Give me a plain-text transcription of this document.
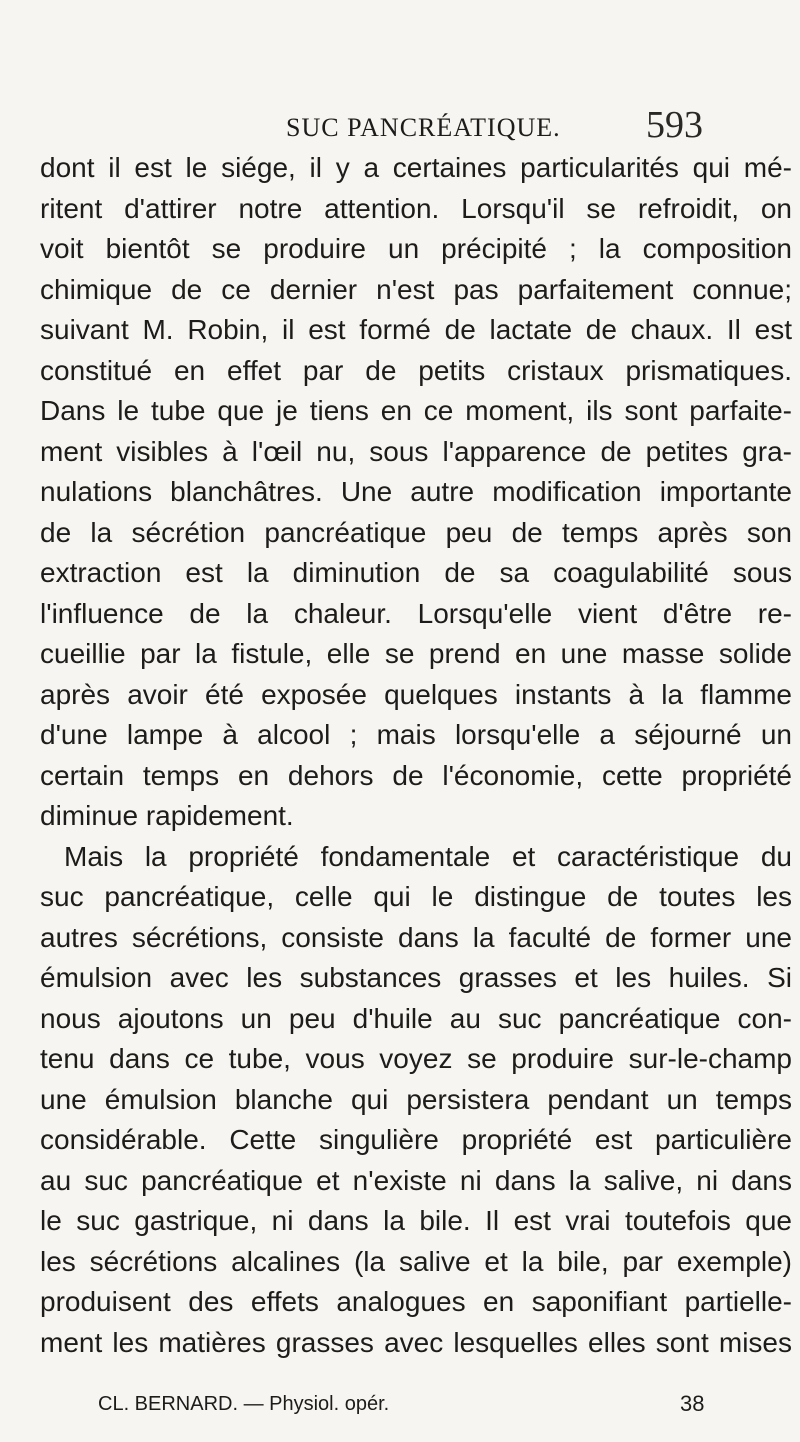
SUC PANCRÉATIQUE. 593
dont il est le siége, il y a certaines particularités qui mé-
ritent d'attirer notre attention. Lorsqu'il se refroidit, on
voit bientôt se produire un précipité ; la composition
chimique de ce dernier n'est pas parfaitement connue;
suivant M. Robin, il est formé de lactate de chaux. Il est
constitué en effet par de petits cristaux prismatiques.
Dans le tube que je tiens en ce moment, ils sont parfaite-
ment visibles à l'œil nu, sous l'apparence de petites gra-
nulations blanchâtres. Une autre modification importante
de la sécrétion pancréatique peu de temps après son
extraction est la diminution de sa coagulabilité sous
l'influence de la chaleur. Lorsqu'elle vient d'être re-
cueillie par la fistule, elle se prend en une masse solide
après avoir été exposée quelques instants à la flamme
d'une lampe à alcool ; mais lorsqu'elle a séjourné un
certain temps en dehors de l'économie, cette propriété
diminue rapidement.
Mais la propriété fondamentale et caractéristique du
suc pancréatique, celle qui le distingue de toutes les
autres sécrétions, consiste dans la faculté de former une
émulsion avec les substances grasses et les huiles. Si
nous ajoutons un peu d'huile au suc pancréatique con-
tenu dans ce tube, vous voyez se produire sur-le-champ
une émulsion blanche qui persistera pendant un temps
considérable. Cette singulière propriété est particulière
au suc pancréatique et n'existe ni dans la salive, ni dans
le suc gastrique, ni dans la bile. Il est vrai toutefois que
les sécrétions alcalines (la salive et la bile, par exemple)
produisent des effets analogues en saponifiant partielle-
ment les matières grasses avec lesquelles elles sont mises
CL. BERNARD. — Physiol. opér.	38
